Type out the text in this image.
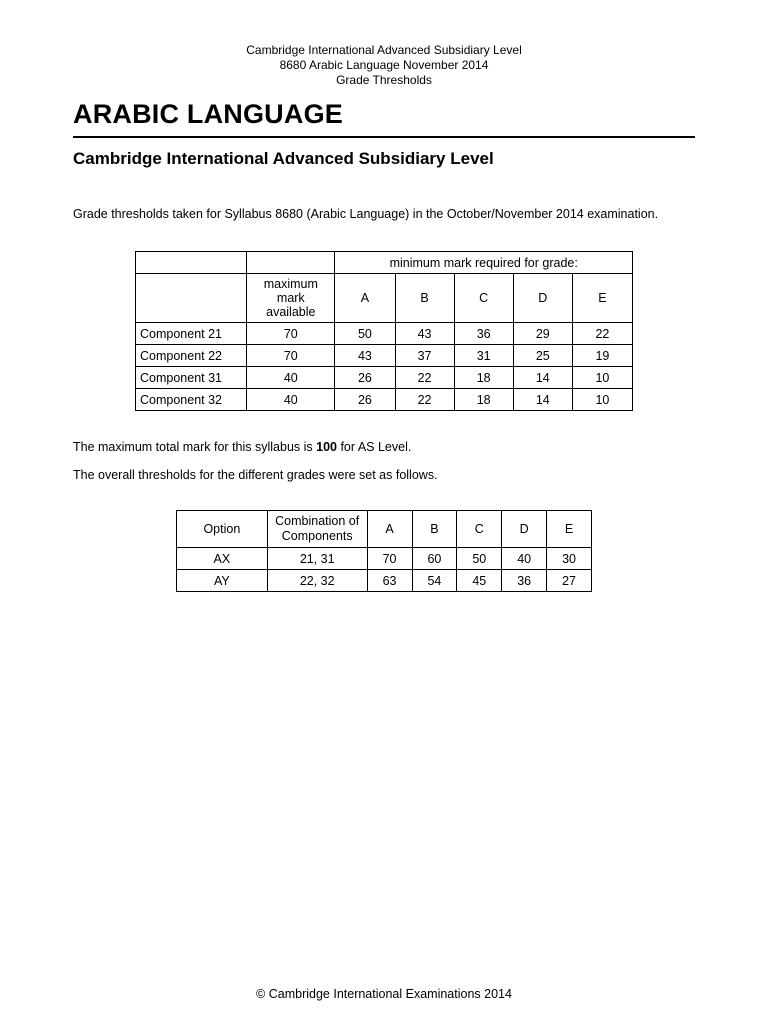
Cambridge International Advanced Subsidiary Level
8680 Arabic Language November 2014
Grade Thresholds
ARABIC LANGUAGE
Cambridge International Advanced Subsidiary Level
Grade thresholds taken for Syllabus 8680 (Arabic Language) in the October/November 2014 examination.
		minimum mark required for grade:				
	maximum
mark
available	A	B	C	D	E
Component 21	70	50	43	36	29	22
Component 22	70	43	37	31	25	19
Component 31	40	26	22	18	14	10
Component 32	40	26	22	18	14	10
The maximum total mark for this syllabus is 100 for AS Level.
The overall thresholds for the different grades were set as follows.
Option	Combination of
Components	A	B	C	D	E
AX	21, 31	70	60	50	40	30
AY	22, 32	63	54	45	36	27
© Cambridge International Examinations 2014
